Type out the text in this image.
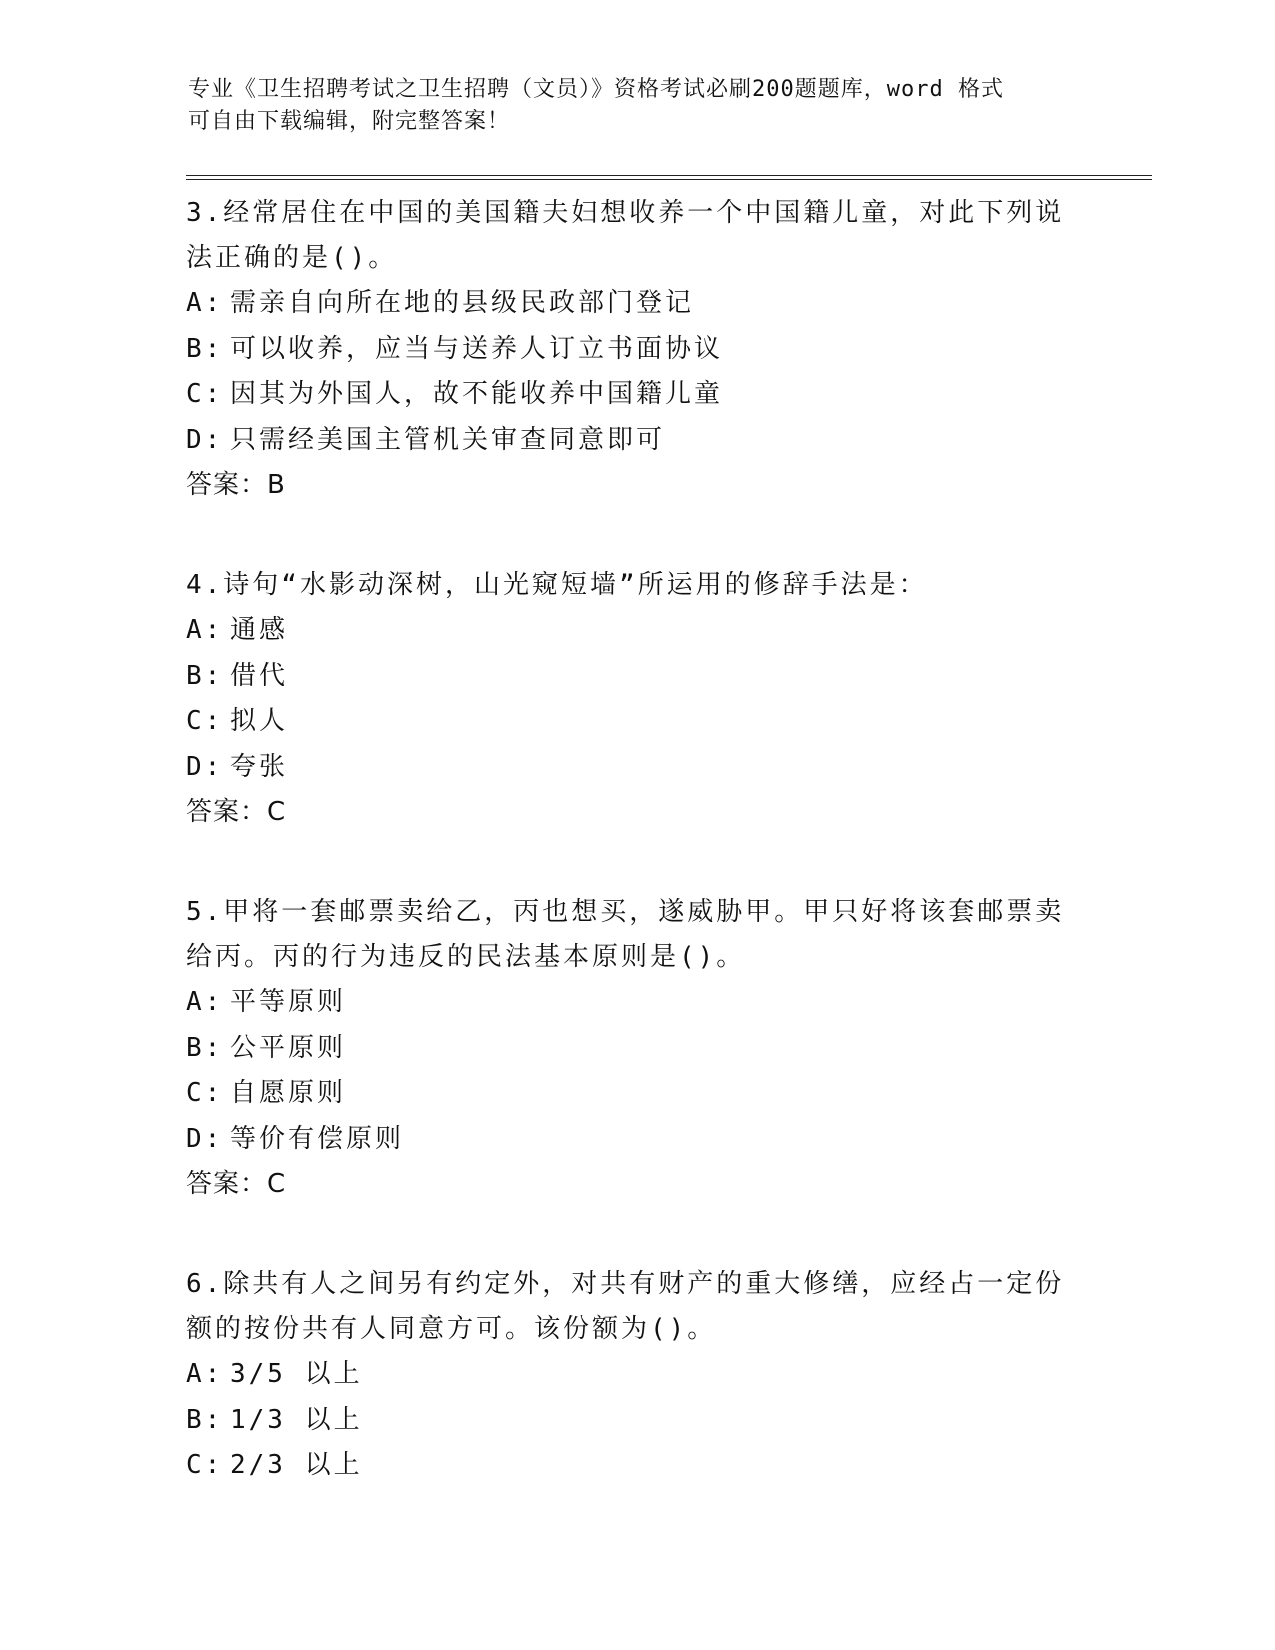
专业《卫生招聘考试之卫生招聘（文员）》资格考试必刷200题题库，word 格式
可自由下载编辑，附完整答案！

3.经常居住在中国的美国籍夫妇想收养一个中国籍儿童，对此下列说法正确的是()。

A: 需亲自向所在地的县级民政部门登记
B: 可以收养，应当与送养人订立书面协议
C: 因其为外国人，故不能收养中国籍儿童
D: 只需经美国主管机关审查同意即可

答案：B

4.诗句“水影动深树，山光窥短墙”所运用的修辞手法是：

A: 通感
B: 借代
C: 拟人
D: 夸张

答案：C

5.甲将一套邮票卖给乙，丙也想买，遂威胁甲。甲只好将该套邮票卖给丙。丙的行为违反的民法基本原则是()。

A: 平等原则
B: 公平原则
C: 自愿原则
D: 等价有偿原则

答案：C

6.除共有人之间另有约定外，对共有财产的重大修缮，应经占一定份额的按份共有人同意方可。该份额为()。

A: 3/5 以上
B: 1/3 以上
C: 2/3 以上
